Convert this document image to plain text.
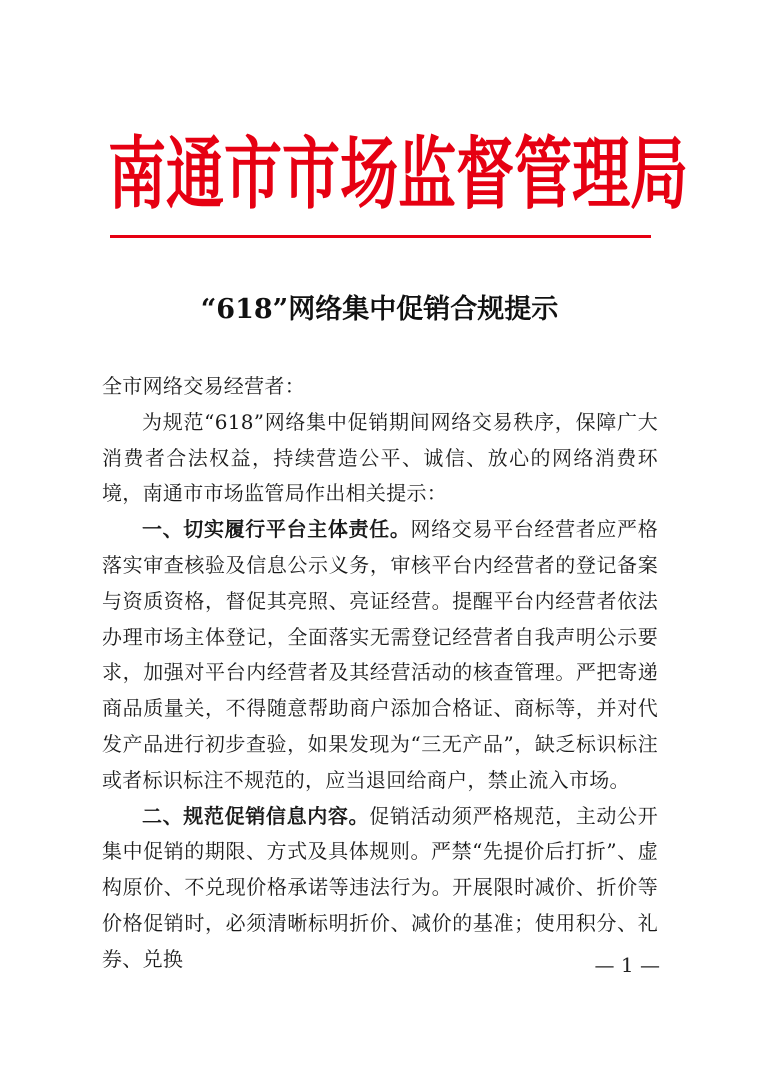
南 通 市 市 场 监 督 管 理 局
“618”网络集中促销合规提示

全市网络交易经营者：

为规范“618”网络集中促销期间网络交易秩序，保障广大消费者合法权益，持续营造公平、诚信、放心的网络消费环境，南通市市场监管局作出相关提示：

一、切实履行平台主体责任。网络交易平台经营者应严格落实审查核验及信息公示义务，审核平台内经营者的登记备案与资质资格，督促其亮照、亮证经营。提醒平台内经营者依法办理市场主体登记，全面落实无需登记经营者自我声明公示要求，加强对平台内经营者及其经营活动的核查管理。严把寄递商品质量关，不得随意帮助商户添加合格证、商标等，并对代发产品进行初步查验，如果发现为“三无产品”，缺乏标识标注或者标识标注不规范的，应当退回给商户，禁止流入市场。

二、规范促销信息内容。促销活动须严格规范，主动公开集中促销的期限、方式及具体规则。严禁“先提价后打折”、虚构原价、不兑现价格承诺等违法行为。开展限时减价、折价等价格促销时，必须清晰标明折价、减价的基准；使用积分、礼券、兑换	— 1 —
